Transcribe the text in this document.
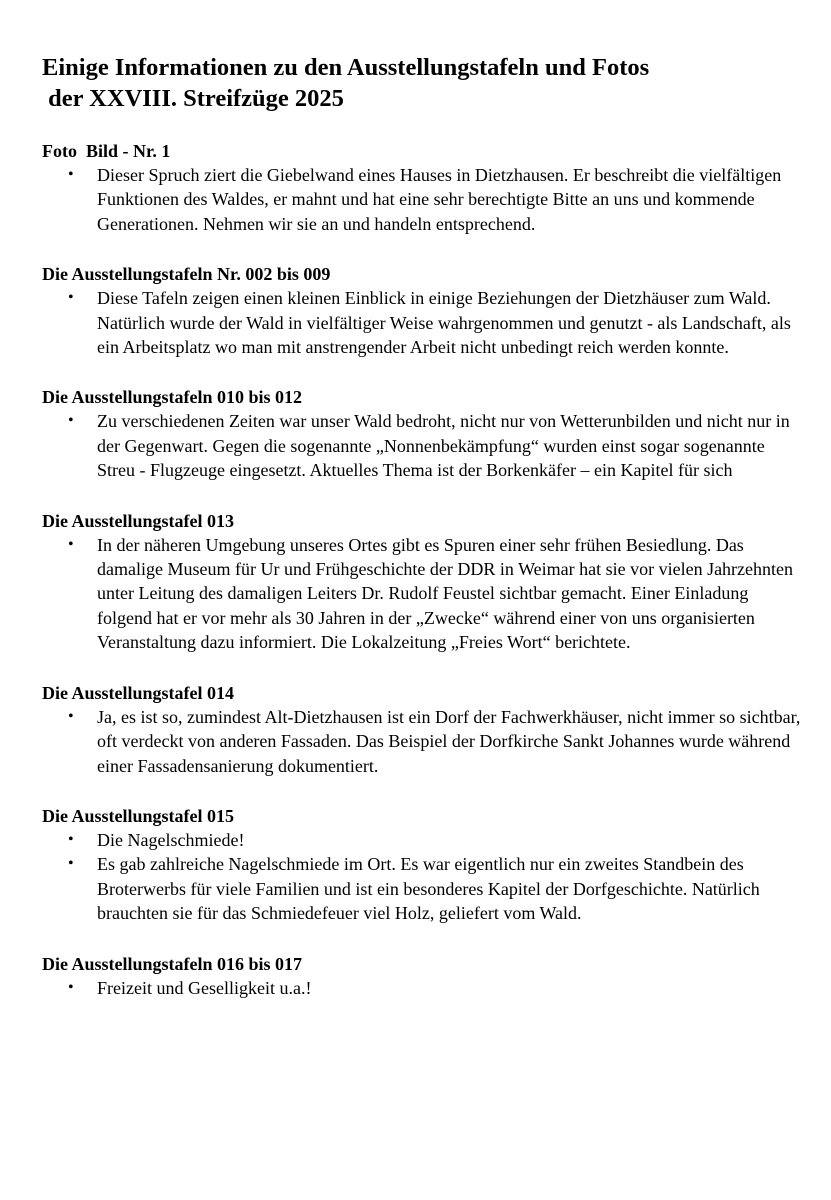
Einige Informationen zu den Ausstellungstafeln und Fotos
der XXVIII. Streifzüge 2025
Foto  Bild - Nr. 1
• Dieser Spruch ziert die Giebelwand eines Hauses in Dietzhausen. Er beschreibt die vielfältigen Funktionen des Waldes, er mahnt und hat eine sehr berechtigte Bitte an uns und kommende Generationen. Nehmen wir sie an und handeln entsprechend.
Die Ausstellungstafeln Nr. 002 bis 009
• Diese Tafeln zeigen einen kleinen Einblick in einige Beziehungen der Dietzhäuser zum Wald. Natürlich wurde der Wald in vielfältiger Weise wahrgenommen und genutzt - als Landschaft, als ein Arbeitsplatz wo man mit anstrengender Arbeit nicht unbedingt reich werden konnte.
Die Ausstellungstafeln 010 bis 012
• Zu verschiedenen Zeiten war unser Wald bedroht, nicht nur von Wetterunbilden und nicht nur in der Gegenwart. Gegen die sogenannte „Nonnenbekämpfung“ wurden einst sogar sogenannte Streu - Flugzeuge eingesetzt. Aktuelles Thema ist der Borkenkäfer – ein Kapitel für sich
Die Ausstellungstafel 013
• In der näheren Umgebung unseres Ortes gibt es Spuren einer sehr frühen Besiedlung. Das damalige Museum für Ur und Frühgeschichte der DDR in Weimar hat sie vor vielen Jahrzehnten unter Leitung des damaligen Leiters Dr. Rudolf Feustel sichtbar gemacht. Einer Einladung folgend hat er vor mehr als 30 Jahren in der „Zwecke“ während einer von uns organisierten Veranstaltung dazu informiert. Die Lokalzeitung „Freies Wort“ berichtete.
Die Ausstellungstafel 014
• Ja, es ist so, zumindest Alt-Dietzhausen ist ein Dorf der Fachwerkhäuser, nicht immer so sichtbar, oft verdeckt von anderen Fassaden. Das Beispiel der Dorfkirche Sankt Johannes wurde während einer Fassadensanierung dokumentiert.
Die Ausstellungstafel 015
• Die Nagelschmiede!
• Es gab zahlreiche Nagelschmiede im Ort. Es war eigentlich nur ein zweites Standbein des Broterwerbs für viele Familien und ist ein besonderes Kapitel der Dorfgeschichte. Natürlich brauchten sie für das Schmiedefeuer viel Holz, geliefert vom Wald.
Die Ausstellungstafeln 016 bis 017
• Freizeit und Geselligkeit u.a.!
